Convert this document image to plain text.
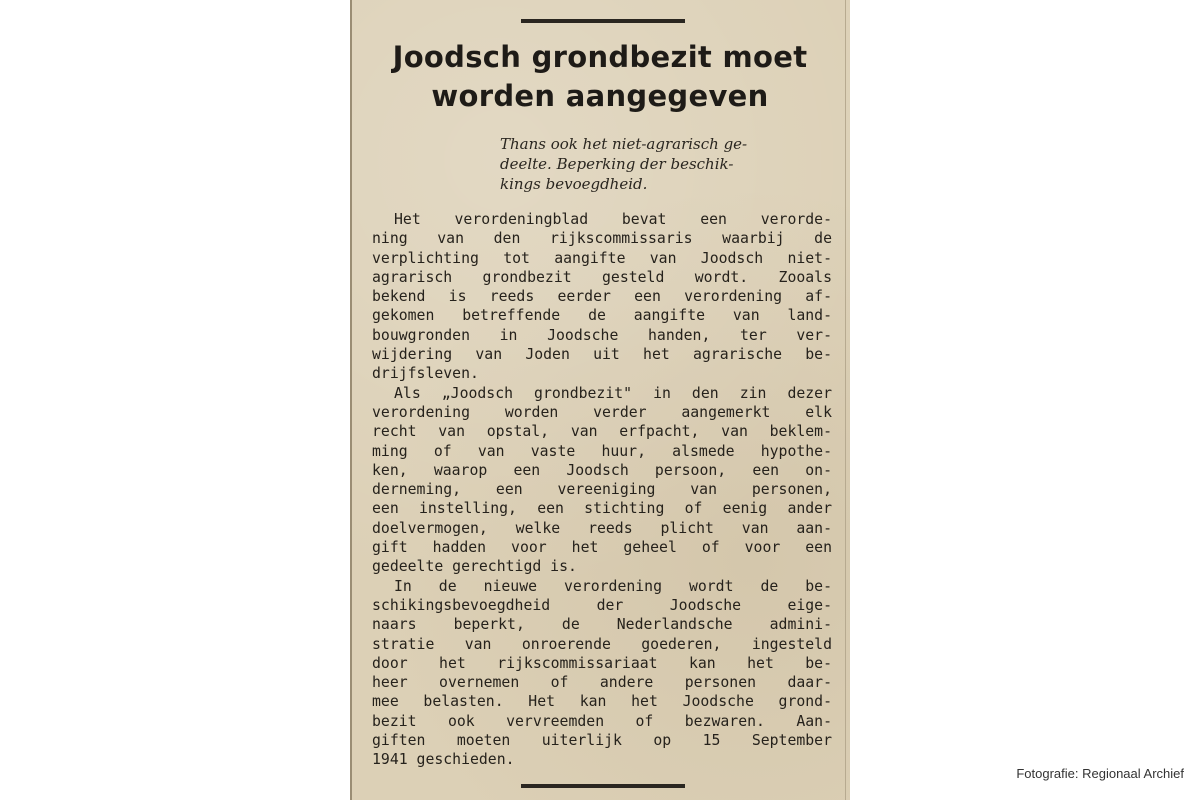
Joodsch grondbezit moet
worden aangegeven
Thans ook het niet-agrarisch ge-
deelte. Beperking der beschik-
kings bevoegdheid.
Het verordeningblad bevat een verorde-
ning van den rijkscommissaris waarbij de
verplichting tot aangifte van Joodsch niet-
agrarisch grondbezit gesteld wordt. Zooals
bekend is reeds eerder een verordening af-
gekomen betreffende de aangifte van land-
bouwgronden in Joodsche handen, ter ver-
wijdering van Joden uit het agrarische be-
drijfsleven.
Als „Joodsch grondbezit" in den zin dezer
verordening worden verder aangemerkt elk
recht van opstal, van erfpacht, van beklem-
ming of van vaste huur, alsmede hypothe-
ken, waarop een Joodsch persoon, een on-
derneming, een vereeniging van personen,
een instelling, een stichting of eenig ander
doelvermogen, welke reeds plicht van aan-
gift hadden voor het geheel of voor een
gedeelte gerechtigd is.
In de nieuwe verordening wordt de be-
schikingsbevoegdheid der Joodsche eige-
naars beperkt, de Nederlandsche admini-
stratie van onroerende goederen, ingesteld
door het rijkscommissariaat kan het be-
heer overnemen of andere personen daar-
mee belasten. Het kan het Joodsche grond-
bezit ook vervreemden of bezwaren. Aan-
giften moeten uiterlijk op 15 September
1941 geschieden.
Fotografie: Regionaal Archief
